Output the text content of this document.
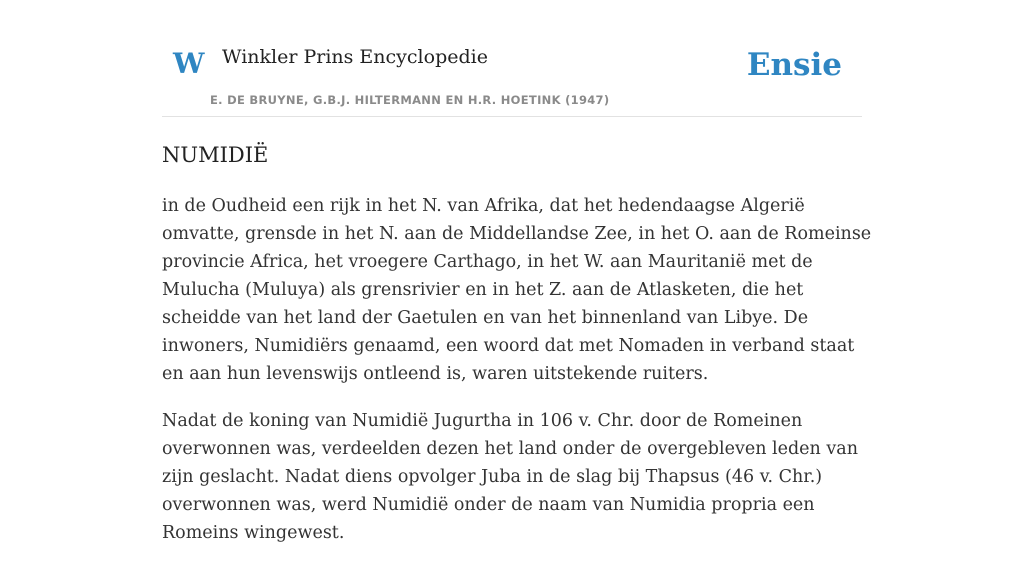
W Winkler Prins Encyclopedie
E. DE BRUYNE, G.B.J. HILTERMANN EN H.R. HOETINK (1947)
Ensie
NUMIDIË

in de Oudheid een rijk in het N. van Afrika, dat het hedendaagse Algerië omvatte, grensde in het N. aan de Middellandse Zee, in het O. aan de Romeinse provincie Africa, het vroegere Carthago, in het W. aan Mauritanië met de Mulucha (Muluya) als grensrivier en in het Z. aan de Atlasketen, die het scheidde van het land der Gaetulen en van het binnenland van Libye. De inwoners, Numidiërs genaamd, een woord dat met Nomaden in verband staat en aan hun levenswijs ontleend is, waren uitstekende ruiters.

Nadat de koning van Numidië Jugurtha in 106 v. Chr. door de Romeinen overwonnen was, verdeelden dezen het land onder de overgebleven leden van zijn geslacht. Nadat diens opvolger Juba in de slag bij Thapsus (46 v. Chr.) overwonnen was, werd Numidië onder de naam van Numidia propria een Romeins wingewest.
